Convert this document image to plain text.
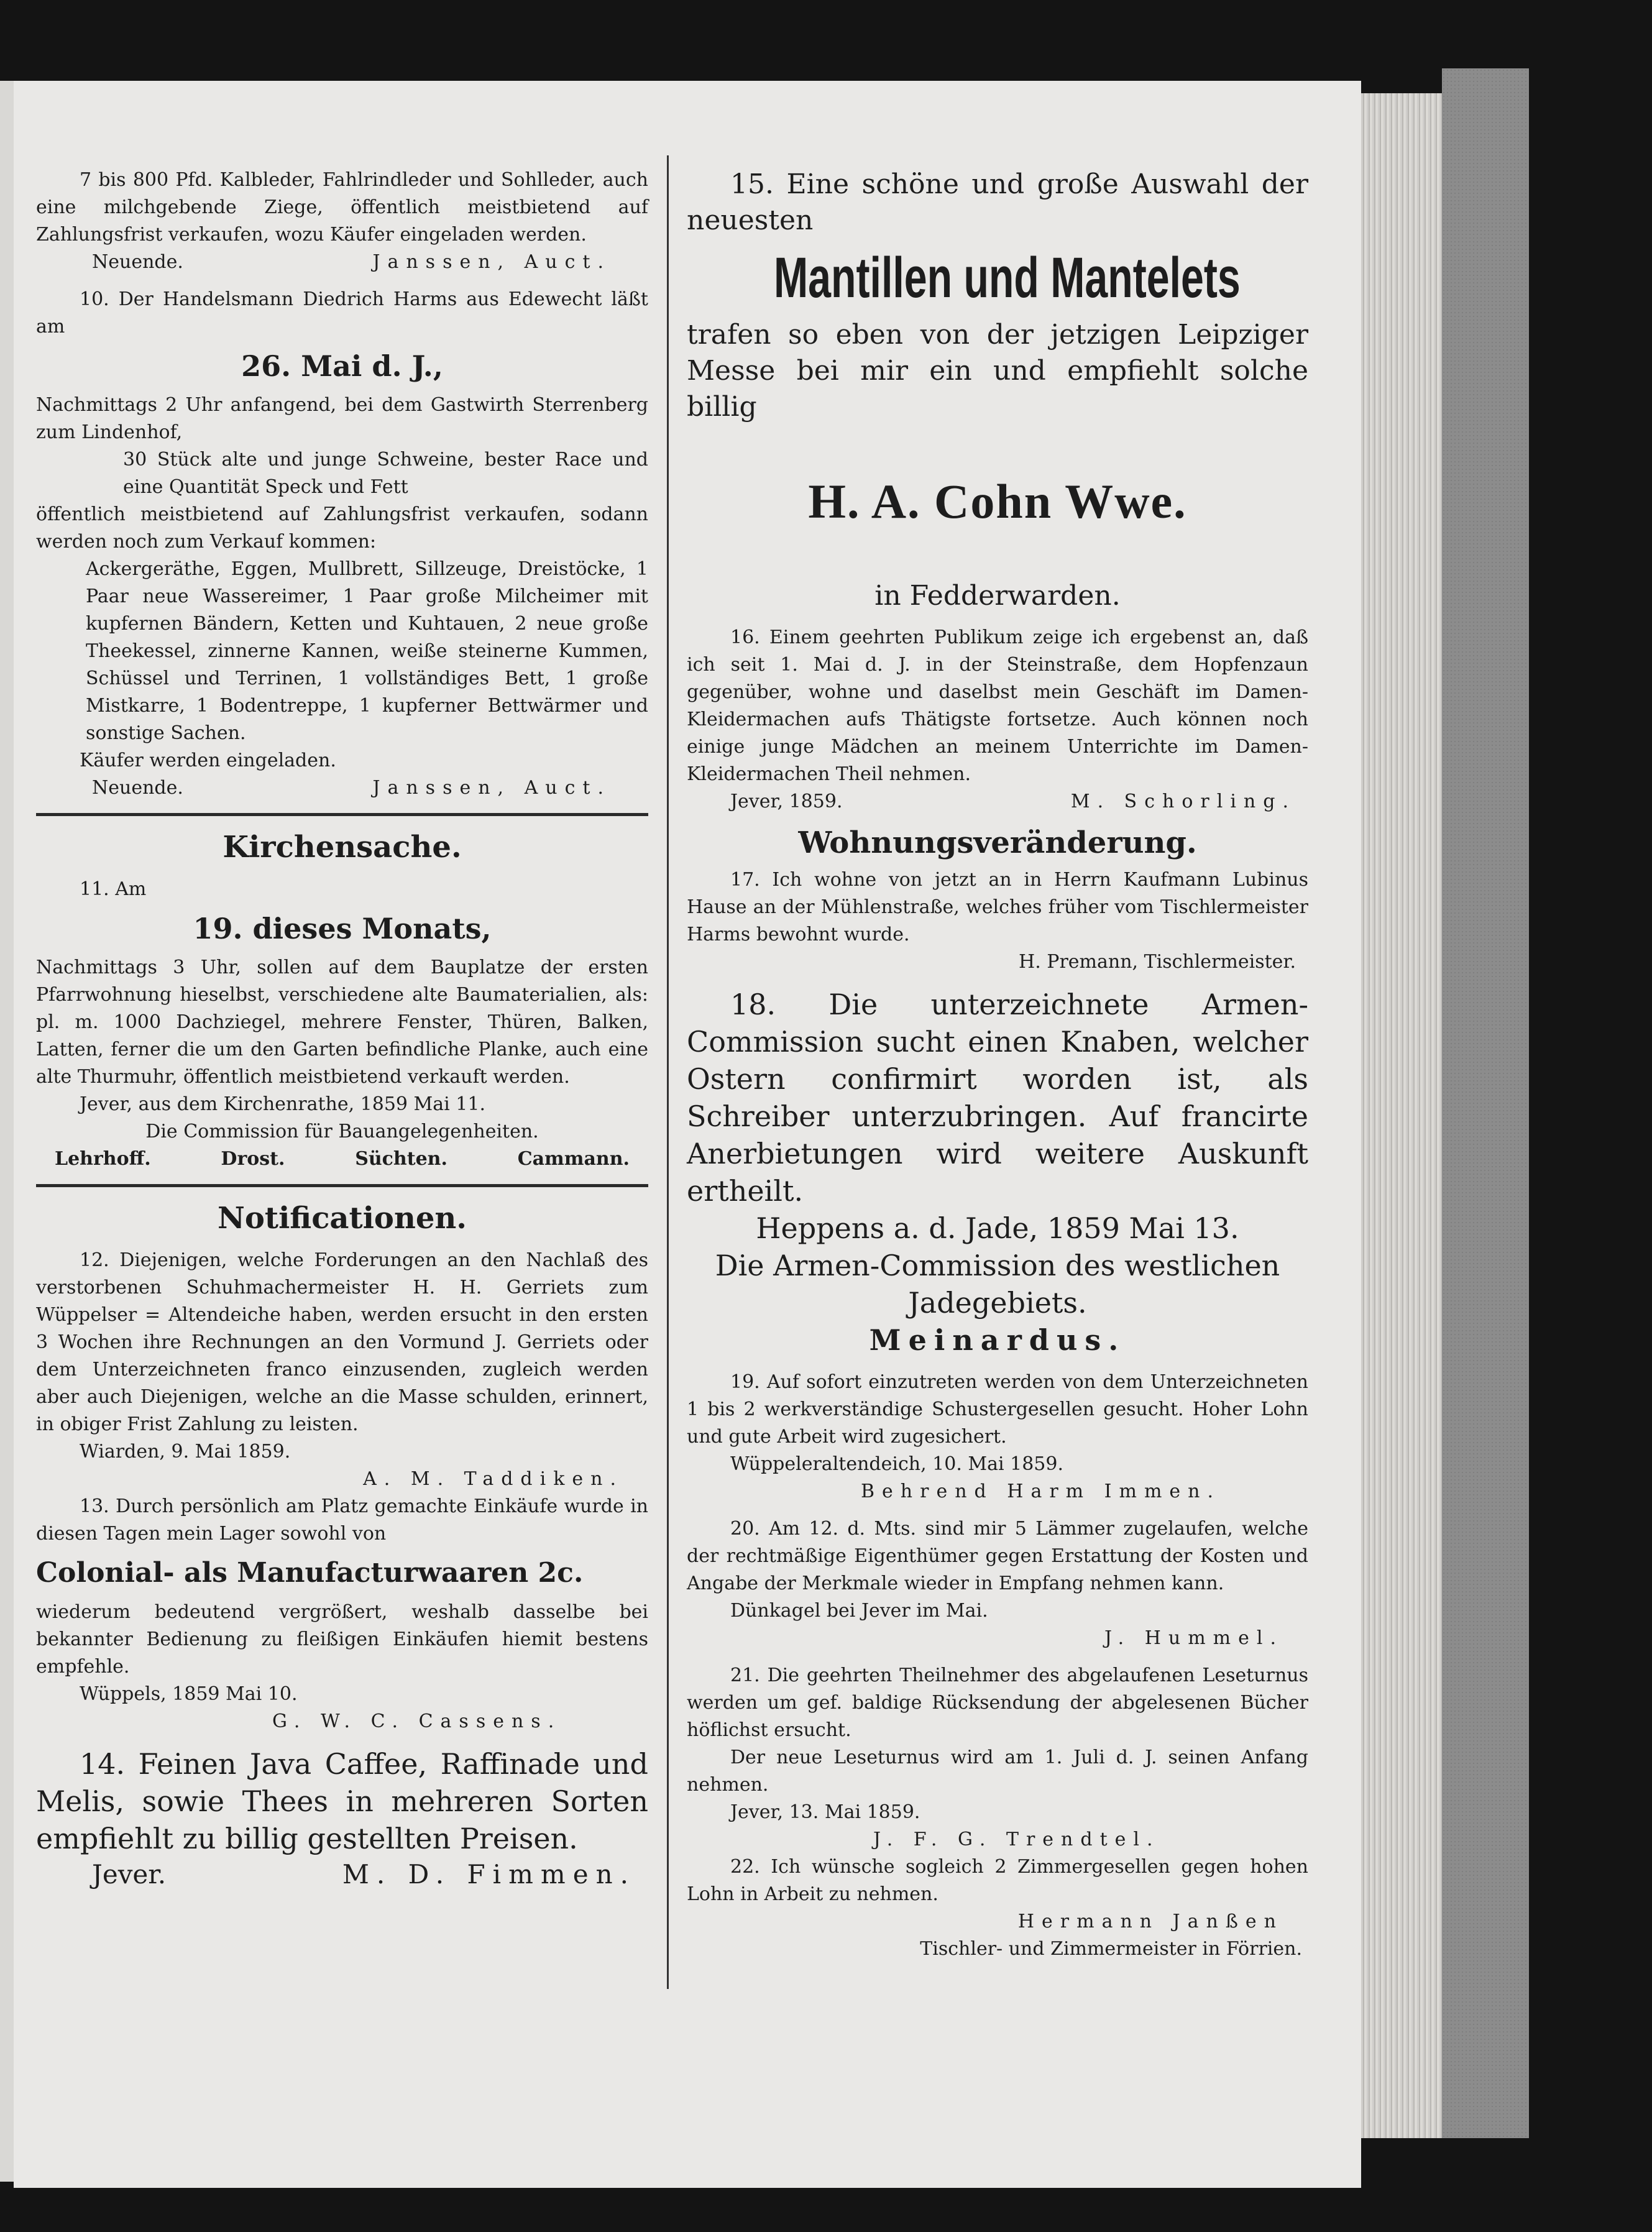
7 bis 800 Pfd. Kalbleder, Fahlrindleder und Sohlleder, auch eine milchgebende Ziege, öffentlich meistbietend auf Zahlungsfrist verkaufen, wozu Käufer eingeladen werden.

Neuende.	Janssen, Auct.

10. Der Handelsmann Diedrich Harms aus Edewecht läßt am

26. Mai d. J.,

Nachmittags 2 Uhr anfangend, bei dem Gastwirth Sterrenberg zum Lindenhof,

30 Stück alte und junge Schweine, bester Race und eine Quantität Speck und Fett

öffentlich meistbietend auf Zahlungsfrist verkaufen, sodann werden noch zum Verkauf kommen:

Ackergeräthe, Eggen, Mullbrett, Sillzeuge, Dreistöcke, 1 Paar neue Wassereimer, 1 Paar große Milcheimer mit kupfernen Bändern, Ketten und Kuhtauen, 2 neue große Theekessel, zinnerne Kannen, weiße steinerne Kummen, Schüssel und Terrinen, 1 vollständiges Bett, 1 große Mistkarre, 1 Bodentreppe, 1 kupferner Bettwärmer und sonstige Sachen.

Käufer werden eingeladen.

Neuende.	Janssen, Auct.

Kirchensache.

11. Am

19. dieses Monats,

Nachmittags 3 Uhr, sollen auf dem Bauplatze der ersten Pfarrwohnung hieselbst, verschiedene alte Baumaterialien, als: pl. m. 1000 Dachziegel, mehrere Fenster, Thüren, Balken, Latten, ferner die um den Garten befindliche Planke, auch eine alte Thurmuhr, öffentlich meistbietend verkauft werden.

Jever, aus dem Kirchenrathe, 1859 Mai 11.

Die Commission für Bauangelegenheiten.

Lehrhoff.	Drost.	Süchten.	Cammann.

Notificationen.

12. Diejenigen, welche Forderungen an den Nachlaß des verstorbenen Schuhmachermeister H. H. Gerriets zum Wüppelser = Altendeiche haben, werden ersucht in den ersten 3 Wochen ihre Rechnungen an den Vormund J. Gerriets oder dem Unterzeichneten franco einzusenden, zugleich werden aber auch Diejenigen, welche an die Masse schulden, erinnert, in obiger Frist Zahlung zu leisten.

Wiarden, 9. Mai 1859.

A. M. Taddiken.

13. Durch persönlich am Platz gemachte Einkäufe wurde in diesen Tagen mein Lager sowohl von

Colonial- als Manufacturwaaren 2c.

wiederum bedeutend vergrößert, weshalb dasselbe bei bekannter Bedienung zu fleißigen Einkäufen hiemit bestens empfehle.

Wüppels, 1859 Mai 10.

G. W. C. Cassens.

14. Feinen Java Caffee, Raffinade und Melis, sowie Thees in mehreren Sorten empfiehlt zu billig gestellten Preisen.

Jever.	M. D. Fimmen.

15. Eine schöne und große Auswahl der neuesten

Mantillen und Mantelets

trafen so eben von der jetzigen Leipziger Messe bei mir ein und empfiehlt solche billig

H. A. Cohn Wwe.

in Fedderwarden.

16. Einem geehrten Publikum zeige ich ergebenst an, daß ich seit 1. Mai d. J. in der Steinstraße, dem Hopfenzaun gegenüber, wohne und daselbst mein Geschäft im Damen-Kleidermachen aufs Thätigste fortsetze. Auch können noch einige junge Mädchen an meinem Unterrichte im Damen-Kleidermachen Theil nehmen.

Jever, 1859.	M. Schorling.

Wohnungsveränderung.

17. Ich wohne von jetzt an in Herrn Kaufmann Lubinus Hause an der Mühlenstraße, welches früher vom Tischlermeister Harms bewohnt wurde.

H. Premann, Tischlermeister.

18. Die unterzeichnete Armen-Commission sucht einen Knaben, welcher Ostern confirmirt worden ist, als Schreiber unterzubringen. Auf francirte Anerbietungen wird weitere Auskunft ertheilt.

Heppens a. d. Jade, 1859 Mai 13.

Die Armen-Commission des westlichen Jadegebiets.

Meinardus.

19. Auf sofort einzutreten werden von dem Unterzeichneten 1 bis 2 werkverständige Schustergesellen gesucht. Hoher Lohn und gute Arbeit wird zugesichert.

Wüppeleraltendeich, 10. Mai 1859.

Behrend Harm Immen.

20. Am 12. d. Mts. sind mir 5 Lämmer zugelaufen, welche der rechtmäßige Eigenthümer gegen Erstattung der Kosten und Angabe der Merkmale wieder in Empfang nehmen kann.

Dünkagel bei Jever im Mai.

J. Hummel.

21. Die geehrten Theilnehmer des abgelaufenen Leseturnus werden um gef. baldige Rücksendung der abgelesenen Bücher höflichst ersucht.

Der neue Leseturnus wird am 1. Juli d. J. seinen Anfang nehmen.

Jever, 13. Mai 1859.

J. F. G. Trendtel.

22. Ich wünsche sogleich 2 Zimmergesellen gegen hohen Lohn in Arbeit zu nehmen.

Hermann Janßen

Tischler- und Zimmermeister in Förrien.
